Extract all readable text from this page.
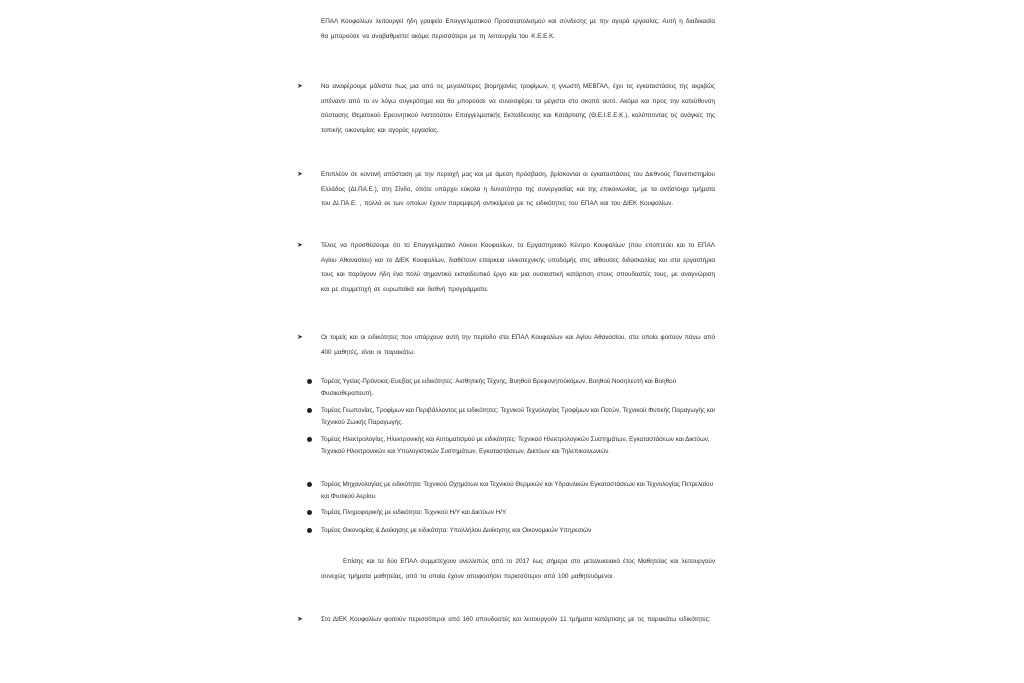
ΕΠΑΛ Κουφαλίων λειτουργεί ήδη γραφείο Επαγγελματικού Προσανατολισμού και σύνδεσης με την αγορά εργασίας. Αυτή η διαδικασία θα μπορούσε να αναβαθμιστεί ακόμα περισσότερο με τη λειτουργία του Κ.Ε.Ε.Κ.
➤	Να αναφέρουμε μάλιστα πως μια από τις μεγαλύτερες βιομηχανίες τροφίμων, η γνωστή ΜΕΒΓΑΛ, έχει τις εγκαταστάσεις της ακριβώς απέναντι από το εν λόγω συγκρότημα και θα μπορούσε να συνεισφέρει τα μέγιστα στο σκοπό αυτό. Ακόμα και προς την κατεύθυνση σύστασης Θεματικού Ερευνητικού Ινστιτούτου Επαγγελματικής Εκπαίδευσης και Κατάρτισης (Θ.Ε.Ι.Ε.Ε.Κ.), καλύπτοντας τις ανάγκες της τοπικής οικονομίας και αγοράς εργασίας.
➤	Επιπλέον σε κοντινή απόσταση με την περιοχή μας και με άμεση πρόσβαση, βρίσκονται οι εγκαταστάσεις του Διεθνούς Πανεπιστημίου Ελλάδος (ΔΙ.ΠΑ.Ε.), στη Σίνδο, οπότε υπάρχει εύκολα η δυνατότητα της συνεργασίας και της επικοινωνίας, με τα αντίστοιχα τμήματα του ΔΙ.ΠΑ.Ε. , πολλά εκ των οποίων έχουν παρεμφερή αντικείμενα με τις ειδικότητες του ΕΠΑΛ και του ΔΙΕΚ Κουφαλίων.
➤	Τέλος να προσθέσουμε ότι το Επαγγελματικό Λύκειο Κουφαλίων, το Εργαστηριακό Κέντρο Κουφαλίων (που εποπτεύει και το ΕΠΑΛ Αγίου Αθανασίου) και το ΔΙΕΚ Κουφαλίων, διαθέτουν επάρκεια υλικοτεχνικής υποδομής στις αίθουσες διδασκαλίας και στα εργαστήρια τους και παράγουν ήδη ένα πολύ σημαντικό εκπαιδευτικό έργο και μια ουσιαστική κατάρτιση στους σπουδαστές τους, με αναγνώριση και με συμμετοχή σε ευρωπαϊκά και διεθνή προγράμματα.
➤	Οι τομείς και οι ειδικότητες που υπάρχουν αυτή την περίοδο στα ΕΠΑΛ Κουφαλίων και Αγίου Αθανασίου, στα οποία φοιτούν πάνω από 400 μαθητές, είναι οι παρακάτω:
Τομέας Υγείας-Πρόνοιας-Ευεξίας με ειδικότητες: Αισθητικής Τέχνης, Βοηθού Βρεφονηπιοκόμων, Βοηθού Νοσηλευτή και Βοηθού Φυσικοθεραπευτή.
Τομέας Γεωπονίας, Τροφίμων και Περιβάλλοντος με ειδικότητες: Τεχνικού Τεχνολογίας Τροφίμων και Ποτών, Τεχνικού Φυτικής Παραγωγής και Τεχνικού Ζωικής Παραγωγής.
Τομέας Ηλεκτρολογίας, Ηλεκτρονικής και Αυτοματισμού με ειδικότητες: Τεχνικού Ηλεκτρολογικών Συστημάτων, Εγκαταστάσεων και Δικτύων, Τεχνικού Ηλεκτρονικών και Υπολογιστικών Συστημάτων, Εγκαταστάσεων, Δικτύων και Τηλεπικοινωνιών.
Τομέας Μηχανολογίας με ειδικότητα: Τεχνικού Οχημάτων και Τεχνικού Θερμικών και Υδραυλικών Εγκαταστάσεων και Τεχνολογίας Πετρελαίου και Φυσικού Αερίου.
Τομέας Πληροφορικής με ειδικότητα: Τεχνικού Η/Υ και Δικτύων Η/Υ.
Τομέας Οικονομίας & Διοίκησης με ειδικότητα: Υπαλλήλου Διοίκησης και Οικονομικών Υπηρεσιών
Επίσης και τα δύο ΕΠΑΛ συμμετέχουν ανελλιπώς από το 2017 έως σήμερα στο μεταλυκειακό έτος Μαθητείας και λειτουργούν συνεχώς τμήματα μαθητείας, από τα οποία έχουν αποφοιτήσει περισσότεροι από 100 μαθητευόμενοι.
➤	Στο ΔΙΕΚ Κουφαλίων φοιτούν περισσότεροι από 160 σπουδαστές και λειτουργούν 11 τμήματα κατάρτισης με τις παρακάτω ειδικότητες:
